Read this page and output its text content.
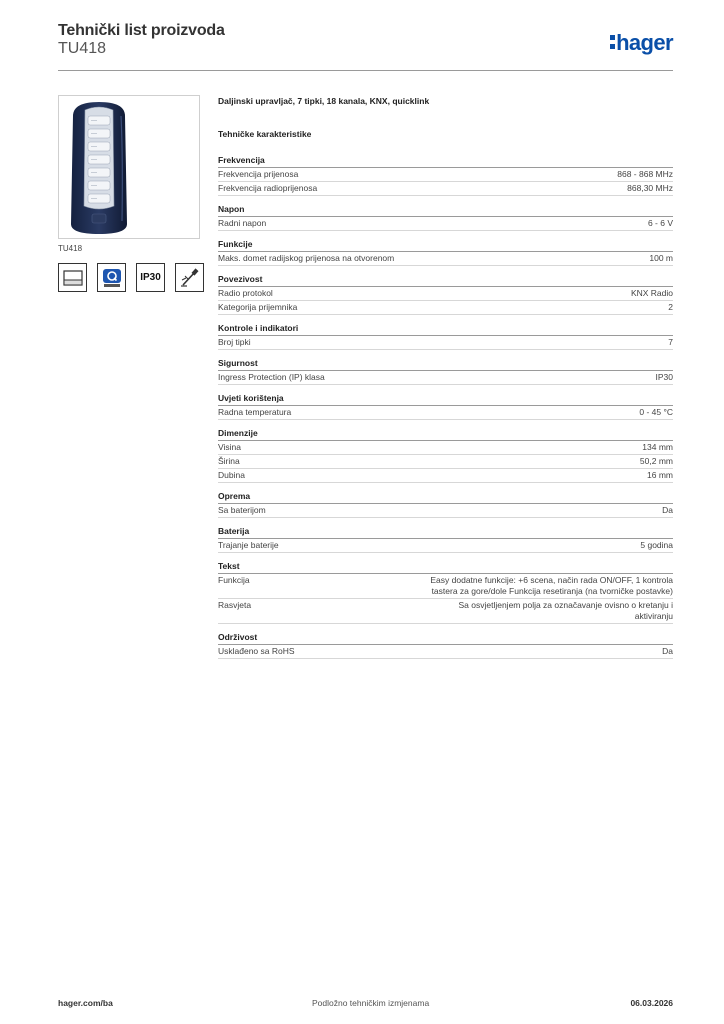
Tehnički list proizvoda
TU418	hager
TU418
IP30
Daljinski upravljač, 7 tipki, 18 kanala, KNX, quicklink
Tehničke karakteristike
Frekvencija
Frekvencija prijenosa	868 - 868 MHz
Frekvencija radioprijenosa	868,30 MHz
Napon
Radni napon	6 - 6 V
Funkcije
Maks. domet radijskog prijenosa na otvorenom	100 m
Povezivost
Radio protokol	KNX Radio
Kategorija prijemnika	2
Kontrole i indikatori
Broj tipki	7
Sigurnost
Ingress Protection (IP) klasa	IP30
Uvjeti korištenja
Radna temperatura	0 - 45 °C
Dimenzije
Visina	134 mm
Širina	50,2 mm
Dubina	16 mm
Oprema
Sa baterijom	Da
Baterija
Trajanje baterije	5 godina
Tekst
Funkcija	Easy dodatne funkcije: +6 scena, način rada ON/OFF, 1 kontrola tastera za gore/dole Funkcija resetiranja (na tvorničke postavke)
Rasvjeta	Sa osvjetljenjem polja za označavanje ovisno o kretanju i aktiviranju
Održivost
Usklađeno sa RoHS	Da
hager.com/ba	Podložno tehničkim izmjenama	06.03.2026
